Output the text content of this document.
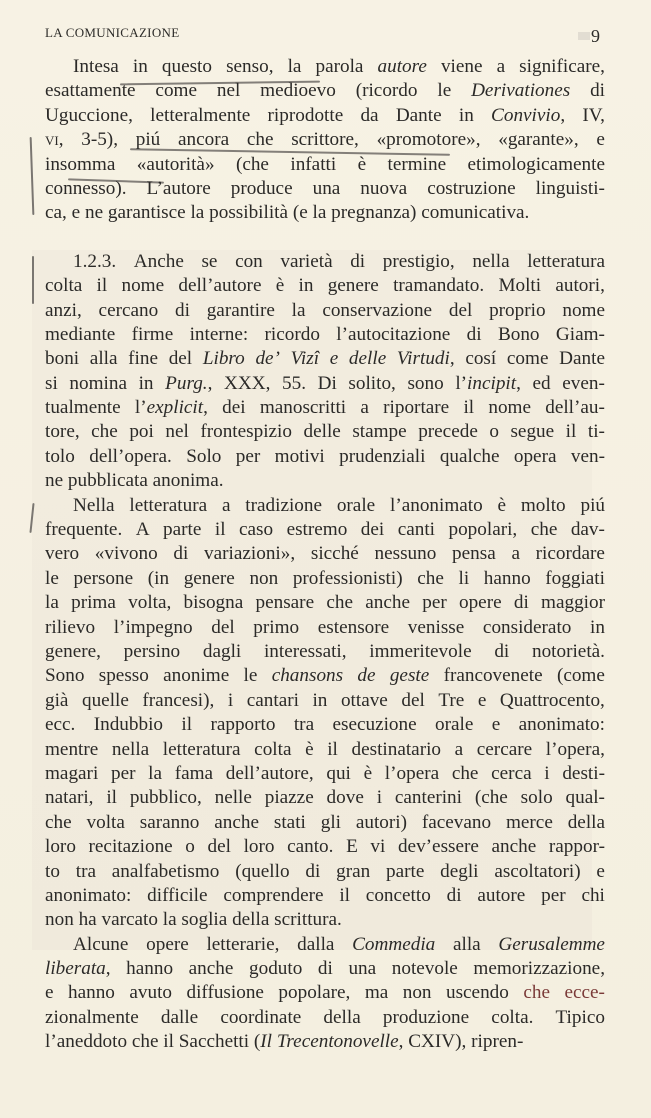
LA COMUNICAZIONE	9
Intesa in questo senso, la parola autore viene a significare,
esattamente come nel medioevo (ricordo le Derivationes di
Uguccione, letteralmente riprodotte da Dante in Convivio, IV,
vi, 3-5), piú ancora che scrittore, «promotore», «garante», e
insomma «autorità» (che infatti è termine etimologicamente
connesso). L’autore produce una nuova costruzione linguisti-
ca, e ne garantisce la possibilità (e la pregnanza) comunicativa.
1.2.3. Anche se con varietà di prestigio, nella letteratura
colta il nome dell’autore è in genere tramandato. Molti autori,
anzi, cercano di garantire la conservazione del proprio nome
mediante firme interne: ricordo l’autocitazione di Bono Giam-
boni alla fine del Libro de’ Vizî e delle Virtudi, cosí come Dante
si nomina in Purg., XXX, 55. Di solito, sono l’incipit, ed even-
tualmente l’explicit, dei manoscritti a riportare il nome dell’au-
tore, che poi nel frontespizio delle stampe precede o segue il ti-
tolo dell’opera. Solo per motivi prudenziali qualche opera ven-
ne pubblicata anonima.
Nella letteratura a tradizione orale l’anonimato è molto piú
frequente. A parte il caso estremo dei canti popolari, che dav-
vero «vivono di variazioni», sicché nessuno pensa a ricordare
le persone (in genere non professionisti) che li hanno foggiati
la prima volta, bisogna pensare che anche per opere di maggior
rilievo l’impegno del primo estensore venisse considerato in
genere, persino dagli interessati, immeritevole di notorietà.
Sono spesso anonime le chansons de geste francovenete (come
già quelle francesi), i cantari in ottave del Tre e Quattrocento,
ecc. Indubbio il rapporto tra esecuzione orale e anonimato:
mentre nella letteratura colta è il destinatario a cercare l’opera,
magari per la fama dell’autore, qui è l’opera che cerca i desti-
natari, il pubblico, nelle piazze dove i canterini (che solo qual-
che volta saranno anche stati gli autori) facevano merce della
loro recitazione o del loro canto. E vi dev’essere anche rappor-
to tra analfabetismo (quello di gran parte degli ascoltatori) e
anonimato: difficile comprendere il concetto di autore per chi
non ha varcato la soglia della scrittura.
Alcune opere letterarie, dalla Commedia alla Gerusalemme
liberata, hanno anche goduto di una notevole memorizzazione,
e hanno avuto diffusione popolare, ma non uscendo che ecce-
zionalmente dalle coordinate della produzione colta. Tipico
l’aneddoto che il Sacchetti (Il Trecentonovelle, CXIV), ripren-
